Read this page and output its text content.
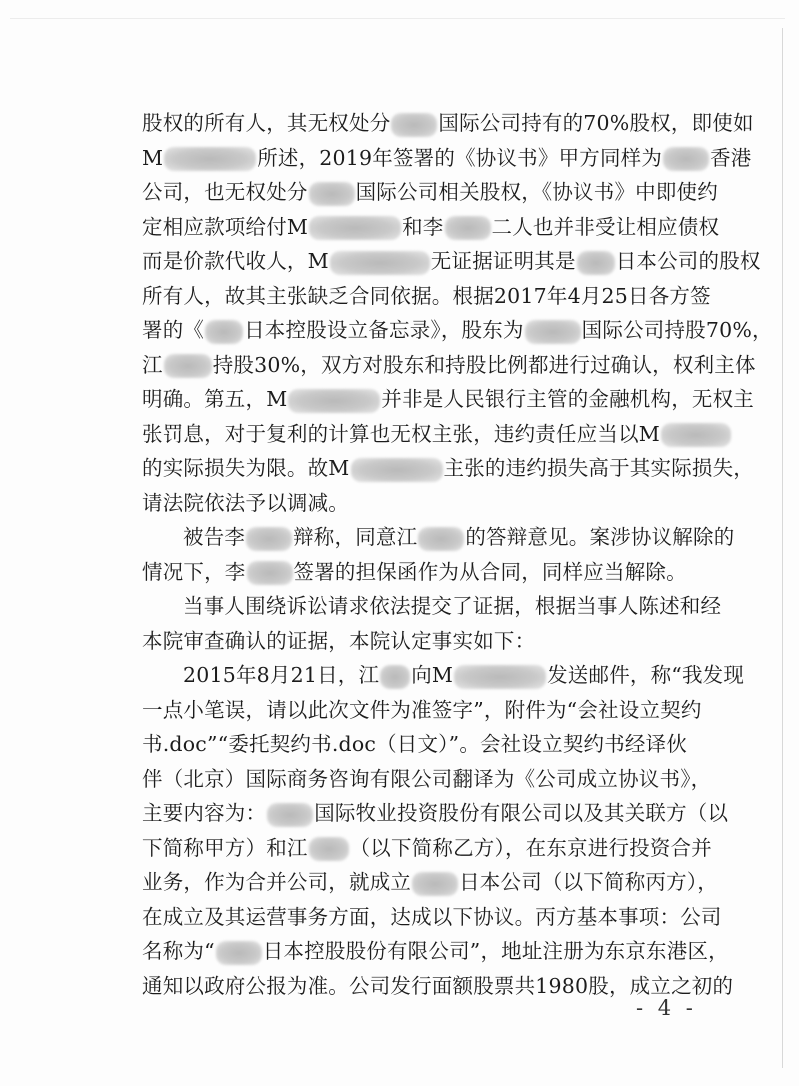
股权的所有人，其无权处分 国际公司持有的70%股权，即使如
M	所述，2019年签署的《协议书》甲方同样为 香港
公司，也无权处分 国际公司相关股权，《协议书》中即使约
定相应款项给付M	和李 二人也并非受让相应债权
而是价款代收人，M	无证据证明其是 日本公司的股权
所有人，故其主张缺乏合同依据。根据2017年4月25日各方签
署的《 日本控股设立备忘录》，股东为	国际公司持股70%，
江 持股30%，双方对股东和持股比例都进行过确认，权利主体
明确。第五，M	并非是人民银行主管的金融机构，无权主
张罚息，对于复利的计算也无权主张，违约责任应当以M
的实际损失为限。故M	主张的违约损失高于其实际损失，
请法院依法予以调减。
被告李 辩称，同意江 的答辩意见。案涉协议解除的
情况下，李 签署的担保函作为从合同，同样应当解除。
当事人围绕诉讼请求依法提交了证据，根据当事人陈述和经
本院审查确认的证据，本院认定事实如下：
2015年8月21日，江 向M	发送邮件，称“我发现
一点小笔误，请以此次文件为准签字”，附件为“会社设立契约
书.doc”“委托契约书.doc（日文）”。会社设立契约书经译伙
伴（北京）国际商务咨询有限公司翻译为《公司成立协议书》，
主要内容为： 国际牧业投资股份有限公司以及其关联方（以
下简称甲方）和江 （以下简称乙方），在东京进行投资合并
业务，作为合并公司，就成立 日本公司（以下简称丙方），
在成立及其运营事务方面，达成以下协议。丙方基本事项：公司
名称为“ 日本控股股份有限公司”，地址注册为东京东港区，
通知以政府公报为准。公司发行面额股票共1980股，成立之初的
- 4 -
